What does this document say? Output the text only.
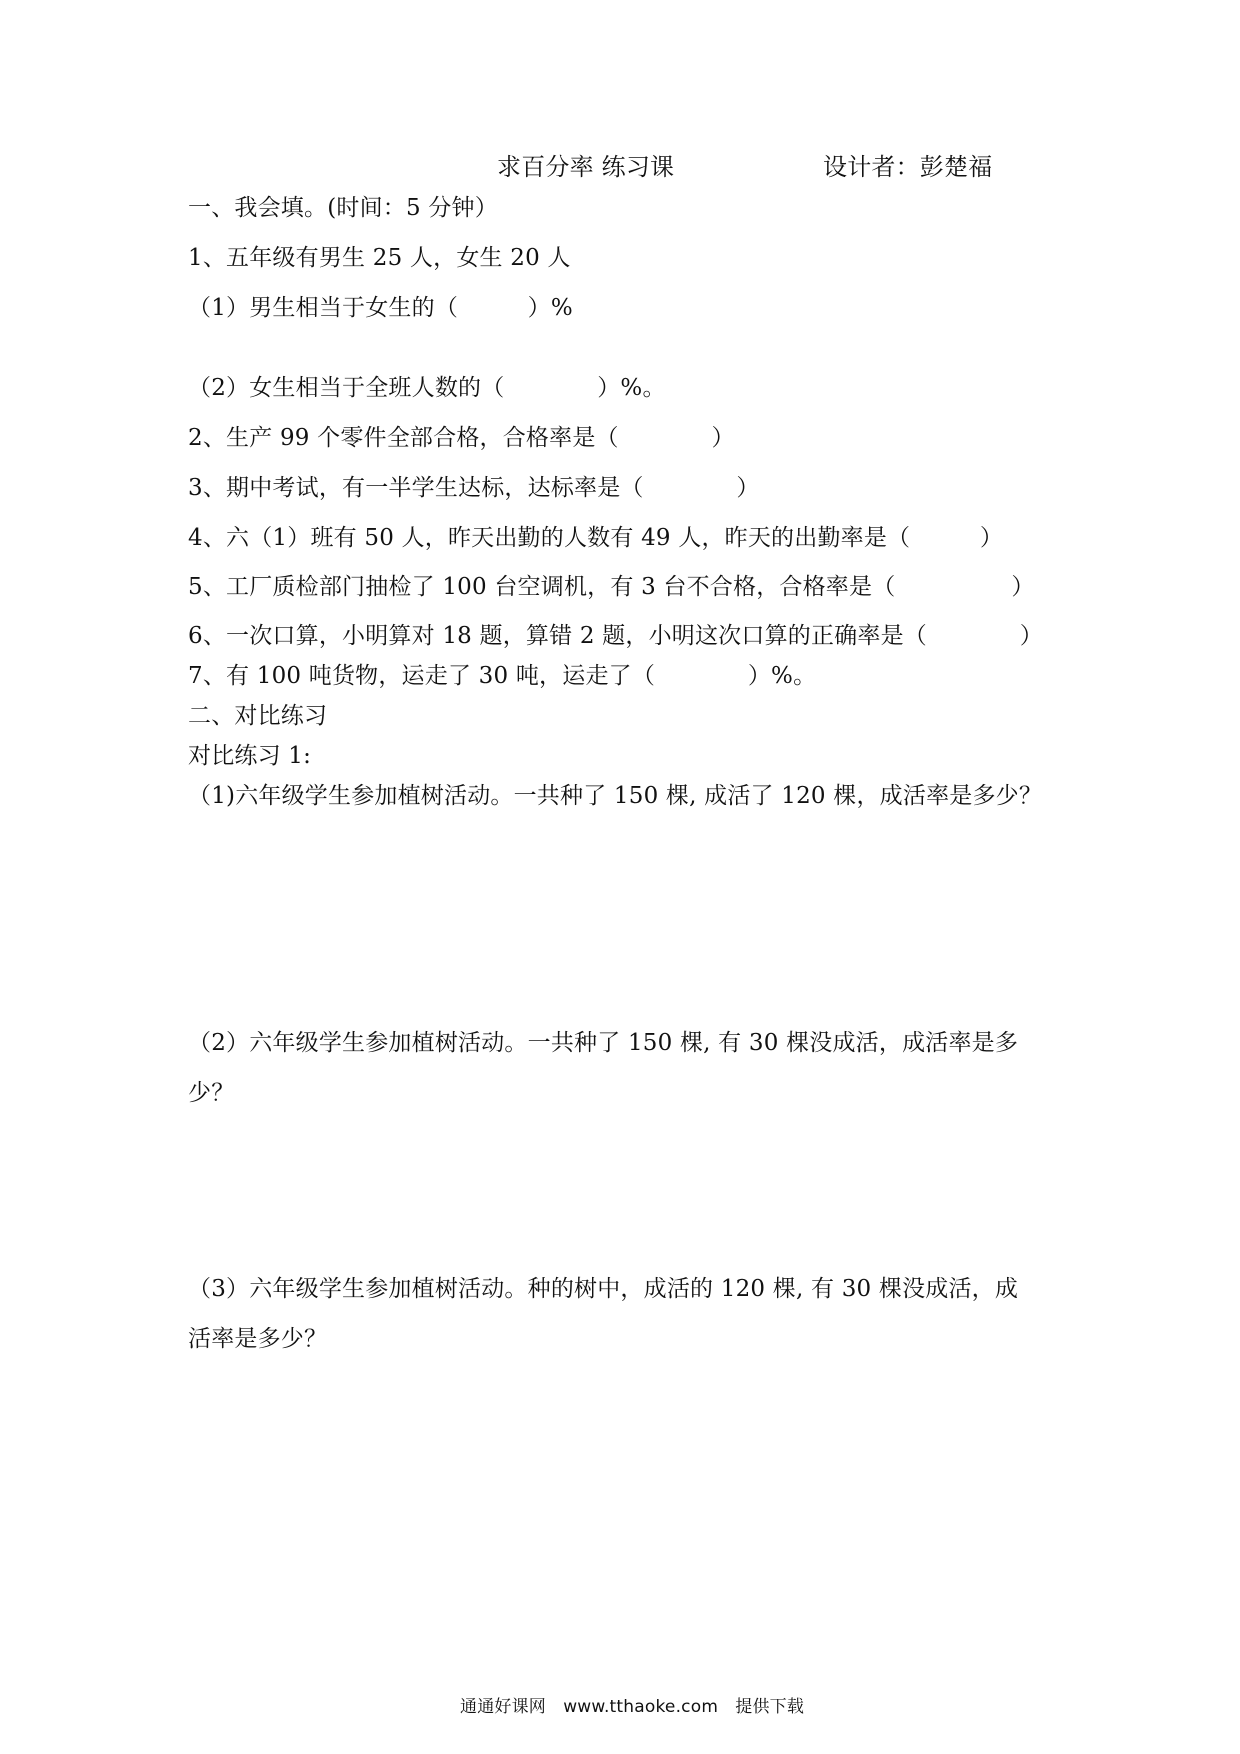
求百分率 练习课	设计者：彭楚福
一、我会填。(时间：5 分钟）
1、五年级有男生 25 人，女生 20 人
（1）男生相当于女生的（　　　）%
（2）女生相当于全班人数的（　　　　）%。
2、生产 99 个零件全部合格，合格率是（　　　　）
3、期中考试，有一半学生达标，达标率是（　　　　）
4、六（1）班有 50 人，昨天出勤的人数有 49 人，昨天的出勤率是（　　　）
5、工厂质检部门抽检了 100 台空调机，有 3 台不合格，合格率是（　　　　　）
6、一次口算，小明算对 18 题，算错 2 题，小明这次口算的正确率是（　　　　）
7、有 100 吨货物，运走了 30 吨，运走了（　　　　）%。
二、对比练习
对比练习 1:
（1)六年级学生参加植树活动。一共种了 150 棵, 成活了 120 棵，成活率是多少？
（2）六年级学生参加植树活动。一共种了 150 棵, 有 30 棵没成活，成活率是多
少？
（3）六年级学生参加植树活动。种的树中，成活的 120 棵, 有 30 棵没成活，成
活率是多少？
通通好课网　www.tthaoke.com　提供下载
